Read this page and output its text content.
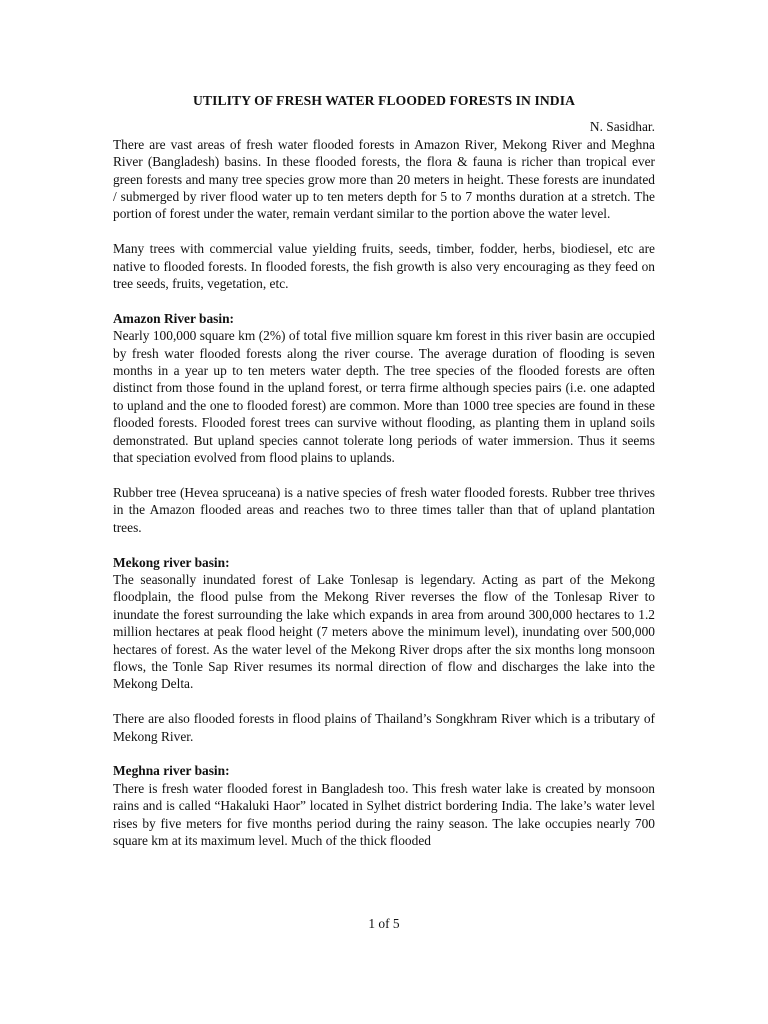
UTILITY OF FRESH WATER FLOODED FORESTS IN INDIA

N. Sasidhar.

There are vast areas of fresh water flooded forests in Amazon River, Mekong River and Meghna River (Bangladesh) basins. In these flooded forests, the flora & fauna is richer than tropical ever green forests and many tree species grow more than 20 meters in height. These forests are inundated / submerged by river flood water up to ten meters depth for 5 to 7 months duration at a stretch. The portion of forest under the water, remain verdant similar to the portion above the water level.

Many trees with commercial value yielding fruits, seeds, timber, fodder, herbs, biodiesel, etc are native to flooded forests. In flooded forests, the fish growth is also very encouraging as they feed on tree seeds, fruits, vegetation, etc.

Amazon River basin:

Nearly 100,000 square km (2%) of total five million square km forest in this river basin are occupied by fresh water flooded forests along the river course. The average duration of flooding is seven months in a year up to ten meters water depth. The tree species of the flooded forests are often distinct from those found in the upland forest, or terra firme although species pairs (i.e. one adapted to upland and the one to flooded forest) are common. More than 1000 tree species are found in these flooded forests. Flooded forest trees can survive without flooding, as planting them in upland soils demonstrated. But upland species cannot tolerate long periods of water immersion. Thus it seems that speciation evolved from flood plains to uplands.

Rubber tree (Hevea spruceana) is a native species of fresh water flooded forests. Rubber tree thrives in the Amazon flooded areas and reaches two to three times taller than that of upland plantation trees.

Mekong river basin:

The seasonally inundated forest of Lake Tonlesap is legendary. Acting as part of the Mekong floodplain, the flood pulse from the Mekong River reverses the flow of the Tonlesap River to inundate the forest surrounding the lake which expands in area from around 300,000 hectares to 1.2 million hectares at peak flood height (7 meters above the minimum level), inundating over 500,000 hectares of forest. As the water level of the Mekong River drops after the six months long monsoon flows, the Tonle Sap River resumes its normal direction of flow and discharges the lake into the Mekong Delta.

There are also flooded forests in flood plains of Thailand’s Songkhram River which is a tributary of Mekong River.

Meghna river basin:

There is fresh water flooded forest in Bangladesh too. This fresh water lake is created by monsoon rains and is called “Hakaluki Haor” located in Sylhet district bordering India. The lake’s water level rises by five meters for five months period during the rainy season. The lake occupies nearly 700 square km at its maximum level. Much of the thick flooded

1 of 5
